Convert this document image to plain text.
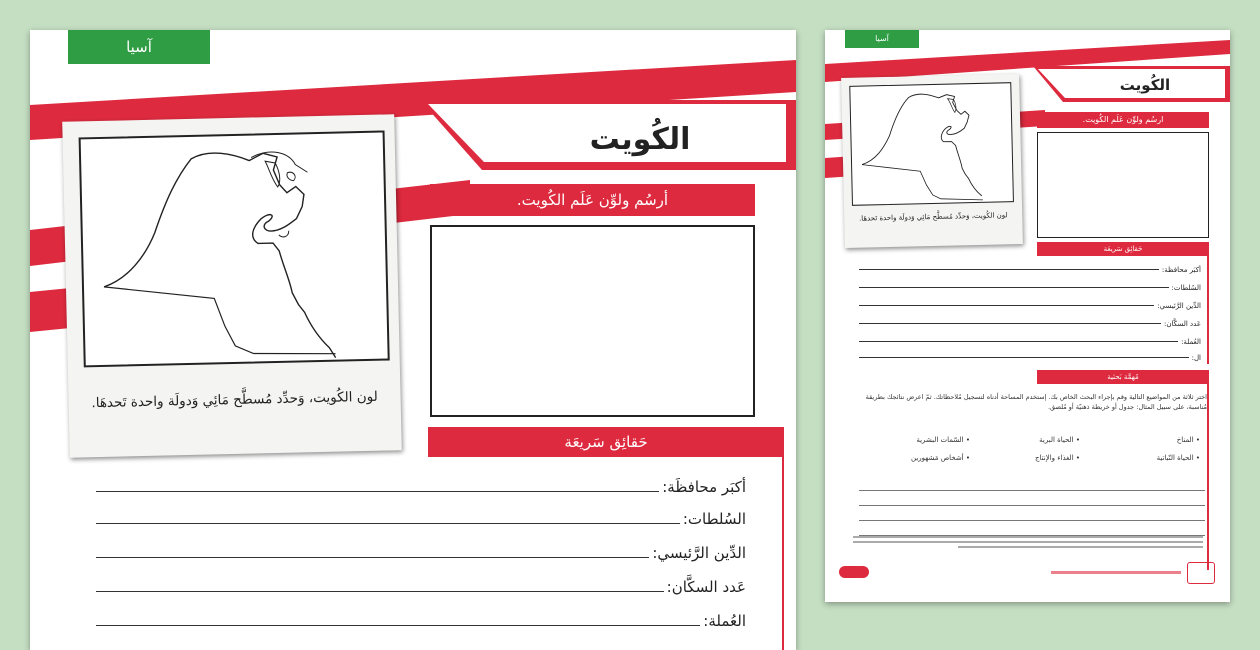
آسيا
الكُويت
أرسُم ولوِّن عَلَم الكُويت.
حَقائِق سَريعَة
أكبَر محافظَة:
السُلطات:
الدِّين الرَّئيسي:
عَدد السكَّان:
العُملة:
لون الكُويت، وَحدِّد مُسطَّح مَائِي وَدولَة واحدة تَحدهَا.
آسيا
الكُويت
ارسُم ولوِّن عَلَم الكُويت.
لون الكُويت، وَحدِّد مُسطَّح مَائِي وَدولَة واحدة تَحدهَا.
حَقائِق سَريعَة
أكبَر محافظة:
السُلطات:
الدِّين الرَّئيسي:
عَدد السكَّان:
العُملة:
ال:
مُهمَّة بَحثية
اختر ثلاثة من المواضيع التالية وقم بإجراء البحث الخاص بك. إستخدم المساحة أدناه لتسجيل مُلاحظاتك. ثمّ اعرض نتائجك بطريقة مُناسبة، على سبيل المثال: جدول أو خريطة ذهنيّة أو مُلصق.
• المناخ
• الحياة البرية
• السّمات البشرية
• الحياة النّباتية
• الغذاء والإنتاج
• أشخاص مَشهورين
